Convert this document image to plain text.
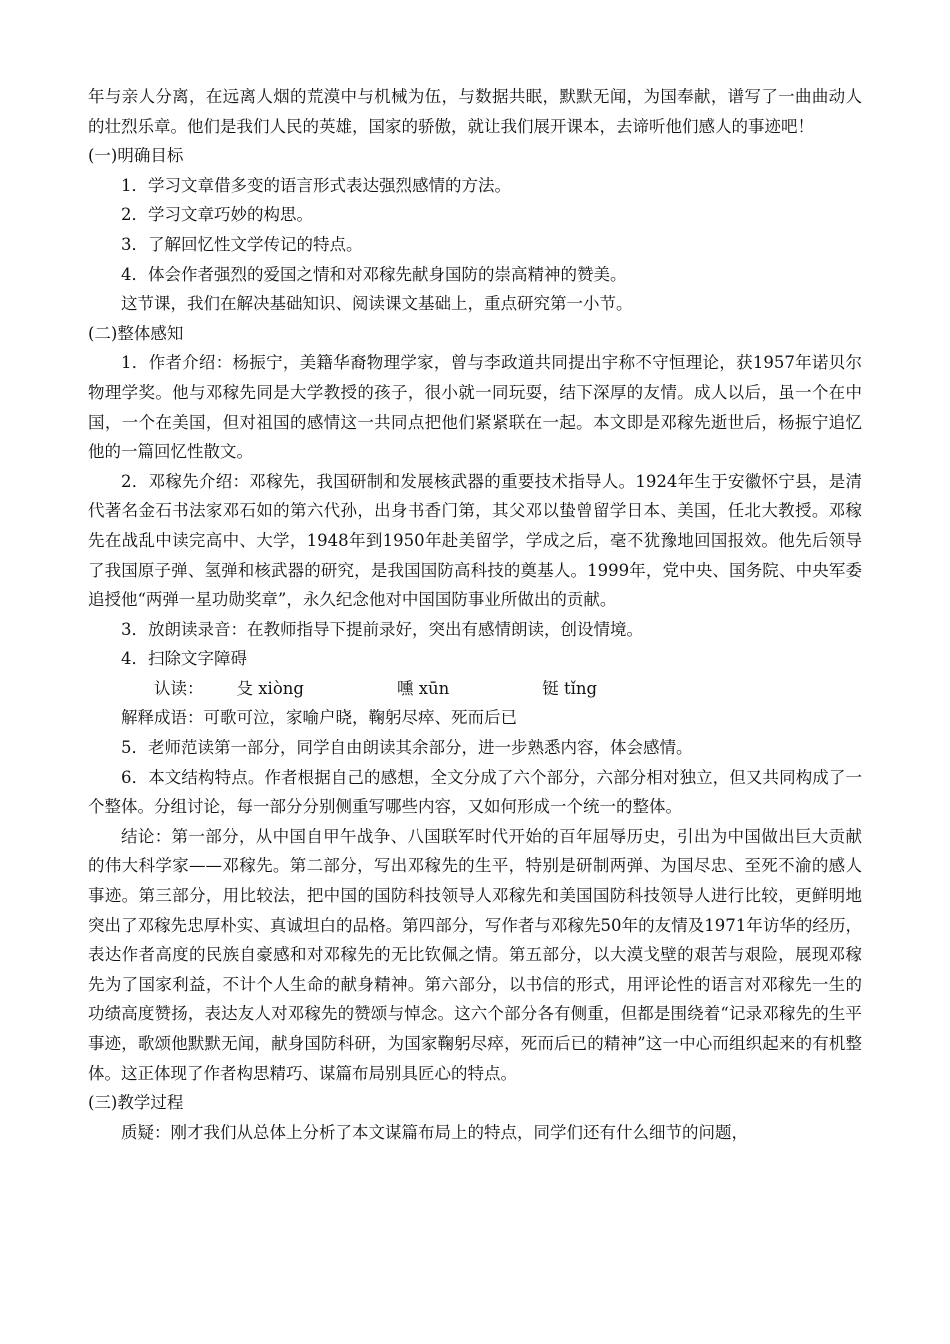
年与亲人分离，在远离人烟的荒漠中与机械为伍，与数据共眠，默默无闻，为国奉献，谱写了一曲曲动人的壮烈乐章。他们是我们人民的英雄，国家的骄傲，就让我们展开课本，去谛听他们感人的事迹吧！

(一)明确目标

1．学习文章借多变的语言形式表达强烈感情的方法。

2．学习文章巧妙的构思。

3．了解回忆性文学传记的特点。

4．体会作者强烈的爱国之情和对邓稼先献身国防的崇高精神的赞美。

这节课，我们在解决基础知识、阅读课文基础上，重点研究第一小节。

(二)整体感知

1．作者介绍：杨振宁，美籍华裔物理学家，曾与李政道共同提出宇称不守恒理论，获1957年诺贝尔物理学奖。他与邓稼先同是大学教授的孩子，很小就一同玩耍，结下深厚的友情。成人以后，虽一个在中国，一个在美国，但对祖国的感情这一共同点把他们紧紧联在一起。本文即是邓稼先逝世后，杨振宁追忆他的一篇回忆性散文。

2．邓稼先介绍：邓稼先，我国研制和发展核武器的重要技术指导人。1924年生于安徽怀宁县，是清代著名金石书法家邓石如的第六代孙，出身书香门第，其父邓以蛰曾留学日本、美国，任北大教授。邓稼先在战乱中读完高中、大学，1948年到1950年赴美留学，学成之后，毫不犹豫地回国报效。他先后领导了我国原子弹、氢弹和核武器的研究，是我国国防高科技的奠基人。1999年，党中央、国务院、中央军委追授他“两弹一星功勋奖章”，永久纪念他对中国国防事业所做出的贡献。

3．放朗读录音：在教师指导下提前录好，突出有感情朗读，创设情境。

4．扫除文字障碍

认读： 殳 xiòng	嚑 xūn	铤 tǐng

解释成语：可歌可泣，家喻户晓，鞠躬尽瘁、死而后已

5．老师范读第一部分，同学自由朗读其余部分，进一步熟悉内容，体会感情。

6．本文结构特点。作者根据自己的感想，全文分成了六个部分，六部分相对独立，但又共同构成了一个整体。分组讨论，每一部分分别侧重写哪些内容，又如何形成一个统一的整体。

结论：第一部分，从中国自甲午战争、八国联军时代开始的百年屈辱历史，引出为中国做出巨大贡献的伟大科学家——邓稼先。第二部分，写出邓稼先的生平，特别是研制两弹、为国尽忠、至死不渝的感人事迹。第三部分，用比较法，把中国的国防科技领导人邓稼先和美国国防科技领导人进行比较，更鲜明地突出了邓稼先忠厚朴实、真诚坦白的品格。第四部分，写作者与邓稼先50年的友情及1971年访华的经历，表达作者高度的民族自豪感和对邓稼先的无比钦佩之情。第五部分，以大漠戈壁的艰苦与艰险，展现邓稼先为了国家利益，不计个人生命的献身精神。第六部分，以书信的形式，用评论性的语言对邓稼先一生的功绩高度赞扬，表达友人对邓稼先的赞颂与悼念。这六个部分各有侧重，但都是围绕着“记录邓稼先的生平事迹，歌颂他默默无闻，献身国防科研，为国家鞠躬尽瘁，死而后已的精神”这一中心而组织起来的有机整体。这正体现了作者构思精巧、谋篇布局别具匠心的特点。

(三)教学过程

质疑：刚才我们从总体上分析了本文谋篇布局上的特点，同学们还有什么细节的问题，
